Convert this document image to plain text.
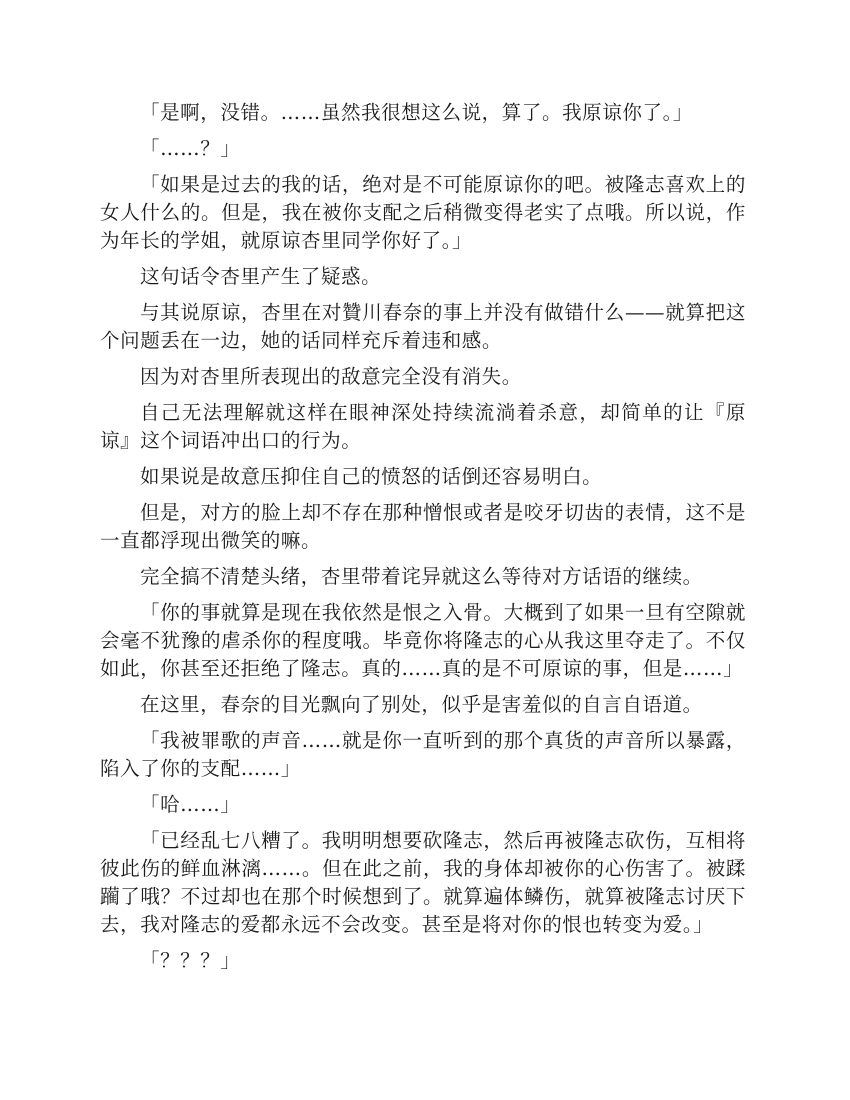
「是啊，没错。……虽然我很想这么说，算了。我原谅你了。」

「……？」

「如果是过去的我的话，绝对是不可能原谅你的吧。被隆志喜欢上的女人什么的。但是，我在被你支配之后稍微变得老实了点哦。所以说，作为年长的学姐，就原谅杏里同学你好了。」

这句话令杏里产生了疑惑。

与其说原谅，杏里在对贊川春奈的事上并没有做错什么——就算把这个问题丢在一边，她的话同样充斥着违和感。

因为对杏里所表现出的敌意完全没有消失。

自己无法理解就这样在眼神深处持续流淌着杀意，却简单的让『原谅』这个词语冲出口的行为。

如果说是故意压抑住自己的愤怒的话倒还容易明白。

但是，对方的脸上却不存在那种憎恨或者是咬牙切齿的表情，这不是一直都浮现出微笑的嘛。

完全搞不清楚头绪，杏里带着诧异就这么等待对方话语的继续。

「你的事就算是现在我依然是恨之入骨。大概到了如果一旦有空隙就会毫不犹豫的虐杀你的程度哦。毕竟你将隆志的心从我这里夺走了。不仅如此，你甚至还拒绝了隆志。真的……真的是不可原谅的事，但是……」

在这里，春奈的目光飘向了别处，似乎是害羞似的自言自语道。

「我被罪歌的声音……就是你一直听到的那个真货的声音所以暴露，陷入了你的支配……」

「哈……」

「已经乱七八糟了。我明明想要砍隆志，然后再被隆志砍伤，互相将彼此伤的鲜血淋漓……。但在此之前，我的身体却被你的心伤害了。被蹂躏了哦？不过却也在那个时候想到了。就算遍体鳞伤，就算被隆志讨厌下去，我对隆志的爱都永远不会改变。甚至是将对你的恨也转变为爱。」

「？？？」
